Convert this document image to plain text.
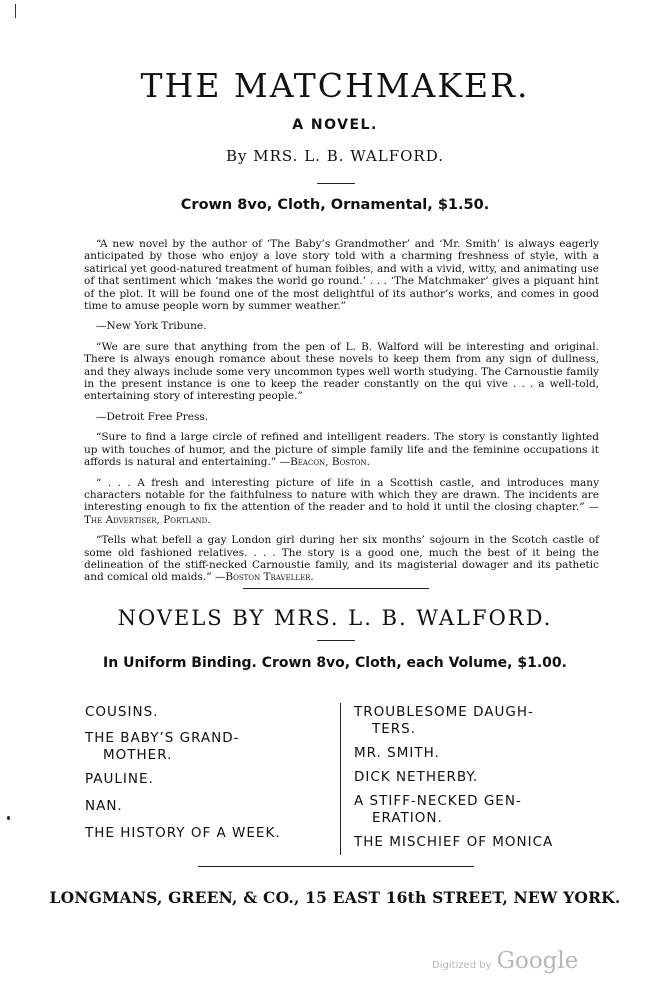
THE MATCHMAKER.
A NOVEL.
By MRS. L. B. WALFORD.
Crown 8vo, Cloth, Ornamental, $1.50.

“A new novel by the author of ‘The Baby’s Grandmother’ and ‘Mr. Smith’ is always eagerly anticipated by those who enjoy a love story told with a charming freshness of style, with a satirical yet good-natured treatment of human foibles, and with a vivid, witty, and animating use of that sentiment which ‘makes the world go round.’ . . . ‘The Matchmaker’ gives a piquant hint of the plot. It will be found one of the most delightful of its author’s works, and comes in good time to amuse people worn by summer weather.”

—New York Tribune.

“We are sure that anything from the pen of L. B. Walford will be interesting and original. There is always enough romance about these novels to keep them from any sign of dullness, and they always include some very uncommon types well worth studying. The Carnoustie family in the present instance is one to keep the reader constantly on the qui vive . . . a well-told, entertaining story of interesting people.”

—Detroit Free Press.

“Sure to find a large circle of refined and intelligent readers. The story is constantly lighted up with touches of humor, and the picture of simple family life and the feminine occupations it affords is natural and entertaining.” —Beacon, Boston.

“ . . . A fresh and interesting picture of life in a Scottish castle, and introduces many characters notable for the faithfulness to nature with which they are drawn. The incidents are interesting enough to fix the attention of the reader and to hold it until the closing chapter.” —The Advertiser, Portland.

“Tells what befell a gay London girl during her six months’ sojourn in the Scotch castle of some old fashioned relatives. . . . The story is a good one, much the best of it being the delineation of the stiff-necked Carnoustie family, and its magisterial dowager and its pathetic and comical old maids.” —Boston Traveller.

NOVELS BY MRS. L. B. WALFORD.
In Uniform Binding. Crown 8vo, Cloth, each Volume, $1.00.
COUSINS.
THE BABY’S GRAND-
MOTHER.
PAULINE.
NAN.
THE HISTORY OF A WEEK.
TROUBLESOME DAUGH-
TERS.
MR. SMITH.
DICK NETHERBY.
A STIFF-NECKED GEN-
ERATION.
THE MISCHIEF OF MONICA
LONGMANS, GREEN, & CO., 15 EAST 16th STREET, NEW YORK.
Digitized by Google
